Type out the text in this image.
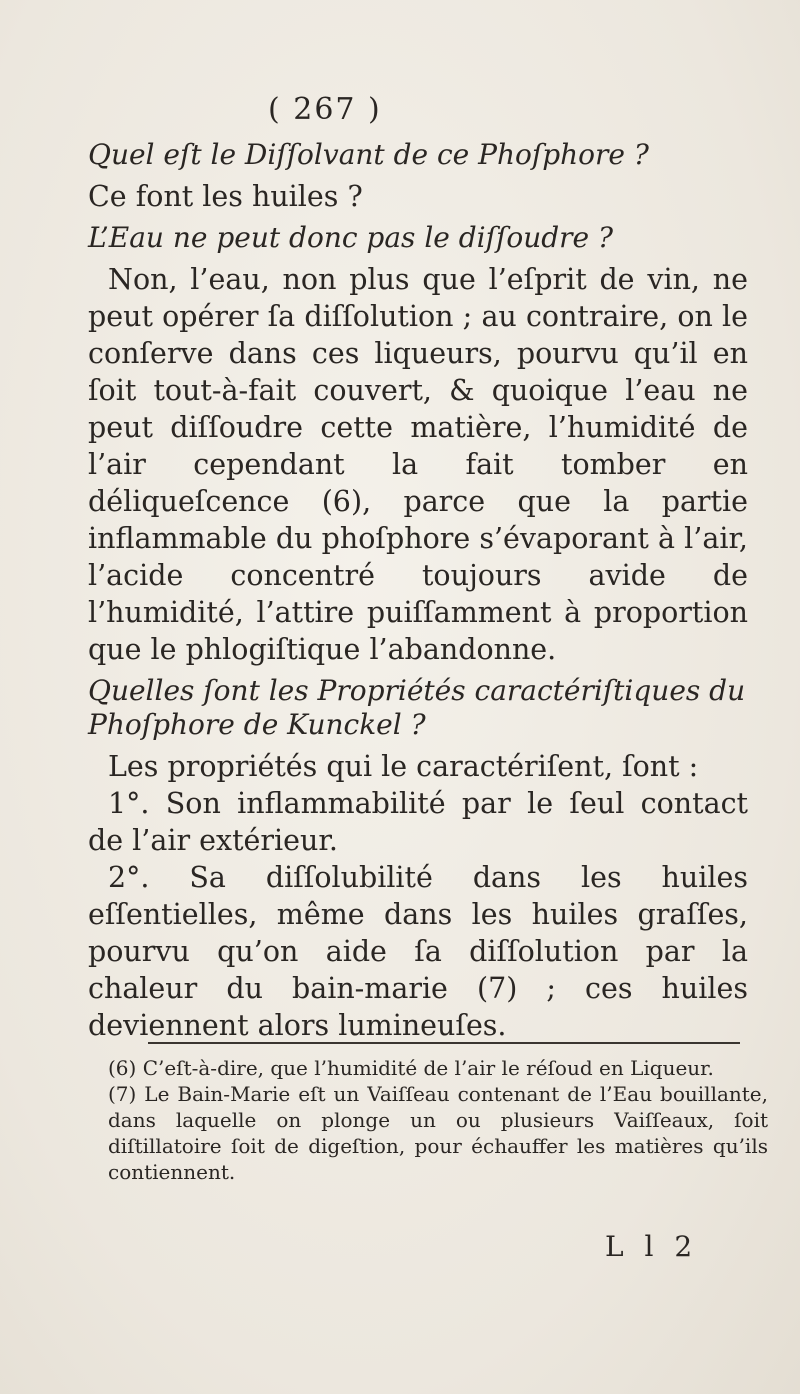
( 267 )

Quel eſt le Diſſolvant de ce Phoſphore ?

Ce font les huiles ?

L’Eau ne peut donc pas le diſſoudre ?

Non, l’eau, non plus que l’eſprit de vin, ne peut opérer ſa diſſolution ; au contraire, on le conſerve dans ces liqueurs, pourvu qu’il en ſoit tout-à-fait couvert, & quoique l’eau ne peut diſſoudre cette matière, l’humidité de l’air cependant la fait tomber en déliqueſcence (6), parce que la partie inflammable du phoſphore s’évaporant à l’air, l’acide concentré toujours avide de l’humidité, l’attire puiſſamment à proportion que le phlogiſtique l’abandonne.

Quelles ſont les Propriétés caractériſtiques du Phoſphore de Kunckel ?

Les propriétés qui le caractériſent, ſont :

1°. Son inflammabilité par le ſeul contact de l’air extérieur.

2°. Sa diſſolubilité dans les huiles eſſentielles, même dans les huiles graſſes, pourvu qu’on aide ſa diſſolution par la chaleur du bain-marie (7) ; ces huiles deviennent alors lumineuſes.

(6) C’eſt-à-dire, que l’humidité de l’air le réſoud en Liqueur.

(7) Le Bain-Marie eſt un Vaiſſeau contenant de l’Eau bouillante, dans laquelle on plonge un ou plusieurs Vaiſſeaux, ſoit diſtillatoire ſoit de digeſtion, pour échauffer les matières qu’ils contiennent.

L l 2
